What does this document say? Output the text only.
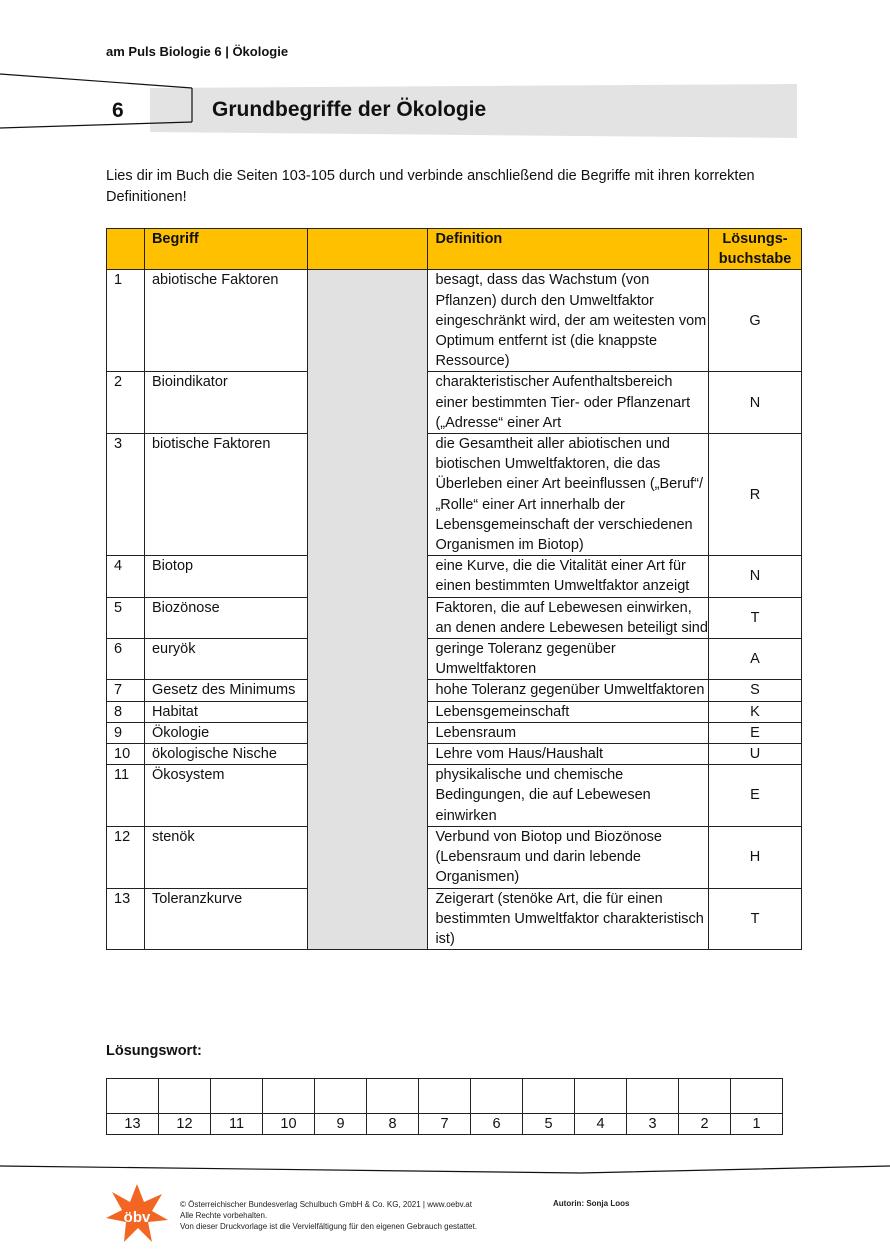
am Puls Biologie 6 | Ökologie
6	Grundbegriffe der Ökologie
Lies dir im Buch die Seiten 103-105 durch und verbinde anschließend die Begriffe mit ihren korrekten Definitionen!
	Begriff		Definition	Lösungs-
buchstabe
1	abiotische Faktoren		besagt, dass das Wachstum (von Pflanzen) durch den Umweltfaktor eingeschränkt wird, der am weitesten vom Optimum entfernt ist (die knappste Ressource)	G
2	Bioindikator		charakteristischer Aufenthaltsbereich einer bestimmten Tier- oder Pflanzenart („Adresse“ einer Art	N
3	biotische Faktoren		die Gesamtheit aller abiotischen und biotischen Umweltfaktoren, die das Überleben einer Art beeinflussen („Beruf“/ „Rolle“ einer Art innerhalb der Lebensgemeinschaft der verschiedenen Organismen im Biotop)	R
4	Biotop		eine Kurve, die die Vitalität einer Art für einen bestimmten Umweltfaktor anzeigt	N
5	Biozönose		Faktoren, die auf Lebewesen einwirken, an denen andere Lebewesen beteiligt sind	T
6	euryök		geringe Toleranz gegenüber Umweltfaktoren	A
7	Gesetz des Minimums		hohe Toleranz gegenüber Umweltfaktoren	S
8	Habitat		Lebensgemeinschaft	K
9	Ökologie		Lebensraum	E
10	ökologische Nische		Lehre vom Haus/Haushalt	U
11	Ökosystem		physikalische und chemische Bedingungen, die auf Lebewesen einwirken	E
12	stenök		Verbund von Biotop und Biozönose (Lebensraum und darin lebende Organismen)	H
13	Toleranzkurve		Zeigerart (stenöke Art, die für einen bestimmten Umweltfaktor charakteristisch ist)	T
Lösungswort:

13	12	11	10	9	8	7	6	5	4	3	2	1
öbv
© Österreichischer Bundesverlag Schulbuch GmbH & Co. KG, 2021 | www.oebv.at
Alle Rechte vorbehalten.
Von dieser Druckvorlage ist die Vervielfältigung für den eigenen Gebrauch gestattet.
Autorin: Sonja Loos
